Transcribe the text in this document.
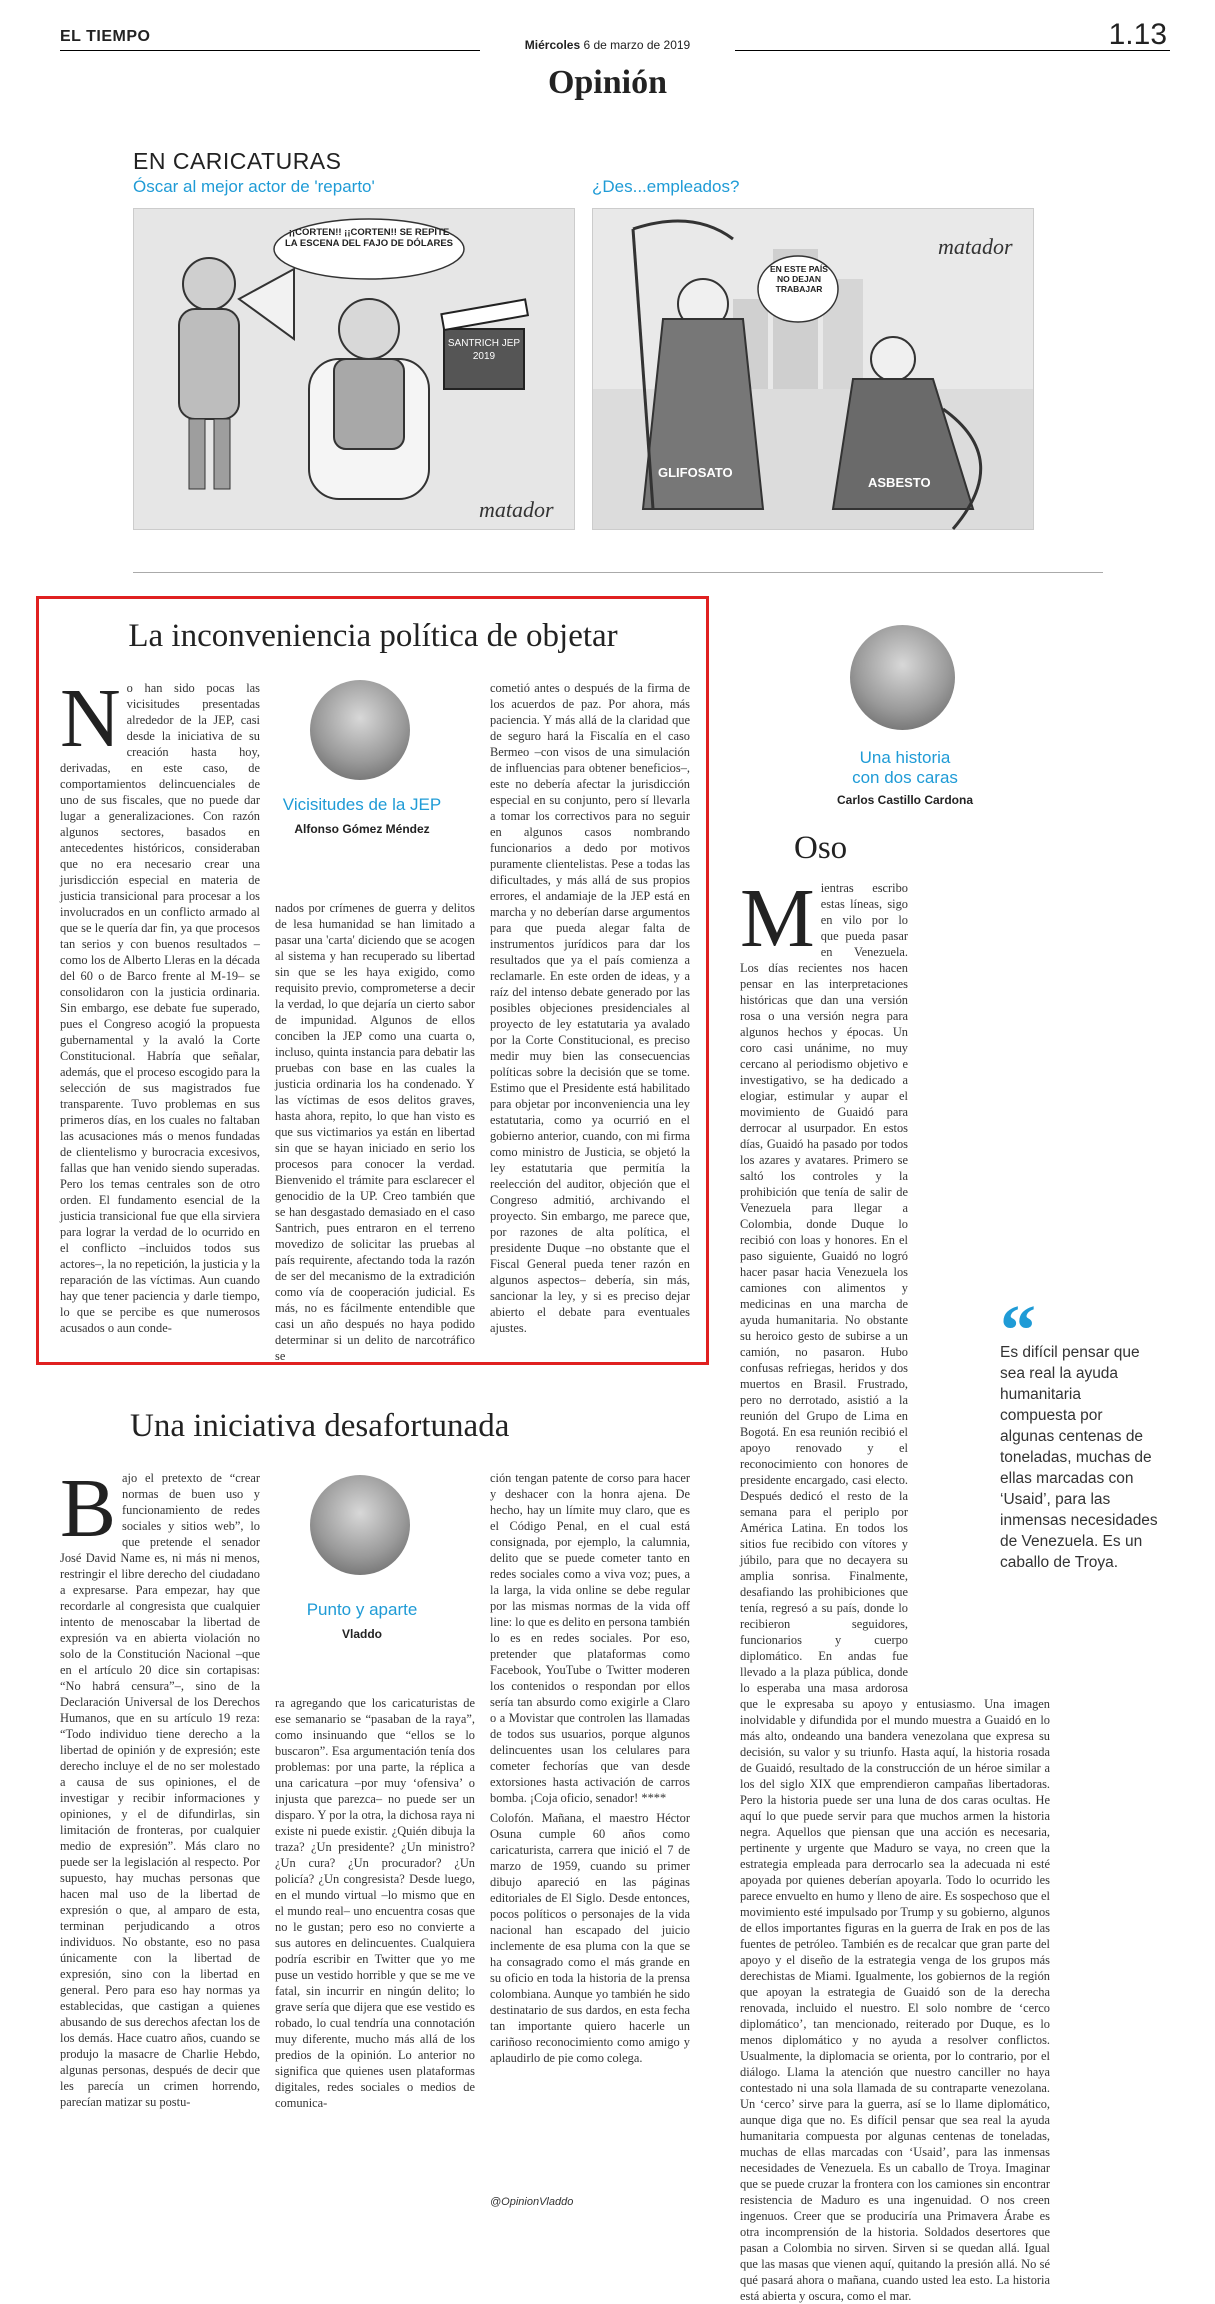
EL TIEMPO	Miércoles 6 de marzo de 2019	1.13
Opinión
EN CARICATURAS
Óscar al mejor actor de 'reparto'	¿Des...empleados?
¡¡CORTEN!! ¡¡CORTEN!! SE REPITE LA ESCENA DEL FAJO DE DÓLARES
SANTRICH JEP 2019
matador
GLIFOSATO
EN ESTE PAÍS NO DEJAN TRABAJAR
ASBESTO
matador
La inconveniencia política de objetar
No han sido pocas las vicisitudes presentadas alrededor de la JEP, casi desde la iniciativa de su creación hasta hoy, derivadas, en este caso, de comportamientos delincuenciales de uno de sus fiscales, que no puede dar lugar a generalizaciones. Con razón algunos sectores, basados en antecedentes históricos, consideraban que no era necesario crear una jurisdicción especial en materia de justicia transicional para procesar a los involucrados en un conflicto armado al que se le quería dar fin, ya que procesos tan serios y con buenos resultados –como los de Alberto Lleras en la década del 60 o de Barco frente al M-19– se consolidaron con la justicia ordinaria. Sin embargo, ese debate fue superado, pues el Congreso acogió la propuesta gubernamental y la avaló la Corte Constitucional. Habría que señalar, además, que el proceso escogido para la selección de sus magistrados fue transparente. Tuvo problemas en sus primeros días, en los cuales no faltaban las acusaciones más o menos fundadas de clientelismo y burocracia excesivos, fallas que han venido siendo superadas. Pero los temas centrales son de otro orden. El fundamento esencial de la justicia transicional fue que ella sirviera para lograr la verdad de lo ocurrido en el conflicto –incluidos todos sus actores–, la no repetición, la justicia y la reparación de las víctimas. Aun cuando hay que tener paciencia y darle tiempo, lo que se percibe es que numerosos acusados o aun conde-
Vicisitudes de la JEP
Alfonso Gómez Méndez
nados por crímenes de guerra y delitos de lesa humanidad se han limitado a pasar una 'carta' diciendo que se acogen al sistema y han recuperado su libertad sin que se les haya exigido, como requisito previo, comprometerse a decir la verdad, lo que dejaría un cierto sabor de impunidad. Algunos de ellos conciben la JEP como una cuarta o, incluso, quinta instancia para debatir las pruebas con base en las cuales la justicia ordinaria los ha condenado. Y las víctimas de esos delitos graves, hasta ahora, repito, lo que han visto es que sus victimarios ya están en libertad sin que se hayan iniciado en serio los procesos para conocer la verdad. Bienvenido el trámite para esclarecer el genocidio de la UP. Creo también que se han desgastado demasiado en el caso Santrich, pues entraron en el terreno movedizo de solicitar las pruebas al país requirente, afectando toda la razón de ser del mecanismo de la extradición como vía de cooperación judicial. Es más, no es fácilmente entendible que casi un año después no haya podido determinar si un delito de narcotráfico se
cometió antes o después de la firma de los acuerdos de paz. Por ahora, más paciencia. Y más allá de la claridad que de seguro hará la Fiscalía en el caso Bermeo –con visos de una simulación de influencias para obtener beneficios–, este no debería afectar la jurisdicción especial en su conjunto, pero sí llevarla a tomar los correctivos para no seguir en algunos casos nombrando funcionarios a dedo por motivos puramente clientelistas. Pese a todas las dificultades, y más allá de sus propios errores, el andamiaje de la JEP está en marcha y no deberían darse argumentos para que pueda alegar falta de instrumentos jurídicos para dar los resultados que ya el país comienza a reclamarle. En este orden de ideas, y a raíz del intenso debate generado por las posibles objeciones presidenciales al proyecto de ley estatutaria ya avalado por la Corte Constitucional, es preciso medir muy bien las consecuencias políticas sobre la decisión que se tome. Estimo que el Presidente está habilitado para objetar por inconveniencia una ley estatutaria, como ya ocurrió en el gobierno anterior, cuando, con mi firma como ministro de Justicia, se objetó la ley estatutaria que permitía la reelección del auditor, objeción que el Congreso admitió, archivando el proyecto. Sin embargo, me parece que, por razones de alta política, el presidente Duque –no obstante que el Fiscal General pueda tener razón en algunos aspectos– debería, sin más, sancionar la ley, y si es preciso dejar abierto el debate para eventuales ajustes.
Una iniciativa desafortunada
Bajo el pretexto de “crear normas de buen uso y funcionamiento de redes sociales y sitios web”, lo que pretende el senador José David Name es, ni más ni menos, restringir el libre derecho del ciudadano a expresarse. Para empezar, hay que recordarle al congresista que cualquier intento de menoscabar la libertad de expresión va en abierta violación no solo de la Constitución Nacional –que en el artículo 20 dice sin cortapisas: “No habrá censura”–, sino de la Declaración Universal de los Derechos Humanos, que en su artículo 19 reza: “Todo individuo tiene derecho a la libertad de opinión y de expresión; este derecho incluye el de no ser molestado a causa de sus opiniones, el de investigar y recibir informaciones y opiniones, y el de difundirlas, sin limitación de fronteras, por cualquier medio de expresión”. Más claro no puede ser la legislación al respecto. Por supuesto, hay muchas personas que hacen mal uso de la libertad de expresión o que, al amparo de esta, terminan perjudicando a otros individuos. No obstante, eso no pasa únicamente con la libertad de expresión, sino con la libertad en general. Pero para eso hay normas ya establecidas, que castigan a quienes abusando de sus derechos afectan los de los demás. Hace cuatro años, cuando se produjo la masacre de Charlie Hebdo, algunas personas, después de decir que les parecía un crimen horrendo, parecían matizar su postu-
Punto y aparte
Vladdo
ra agregando que los caricaturistas de ese semanario se “pasaban de la raya”, como insinuando que “ellos se lo buscaron”. Esa argumentación tenía dos problemas: por una parte, la réplica a una caricatura –por muy ‘ofensiva’ o injusta que parezca– no puede ser un disparo. Y por la otra, la dichosa raya ni existe ni puede existir. ¿Quién dibuja la traza? ¿Un presidente? ¿Un ministro? ¿Un cura? ¿Un procurador? ¿Un policía? ¿Un congresista? Desde luego, en el mundo virtual –lo mismo que en el mundo real– uno encuentra cosas que no le gustan; pero eso no convierte a sus autores en delincuentes. Cualquiera podría escribir en Twitter que yo me puse un vestido horrible y que se me ve fatal, sin incurrir en ningún delito; lo grave sería que dijera que ese vestido es robado, lo cual tendría una connotación muy diferente, mucho más allá de los predios de la opinión. Lo anterior no significa que quienes usen plataformas digitales, redes sociales o medios de comunica-

ción tengan patente de corso para hacer y deshacer con la honra ajena. De hecho, hay un límite muy claro, que es el Código Penal, en el cual está consignada, por ejemplo, la calumnia, delito que se puede cometer tanto en redes sociales como a viva voz; pues, a la larga, la vida online se debe regular por las mismas normas de la vida off line: lo que es delito en persona también lo es en redes sociales. Por eso, pretender que plataformas como Facebook, YouTube o Twitter moderen los contenidos o respondan por ellos sería tan absurdo como exigirle a Claro o a Movistar que controlen las llamadas de todos sus usuarios, porque algunos delincuentes usan los celulares para cometer fechorías que van desde extorsiones hasta activación de carros bomba. ¡Coja oficio, senador! ****

Colofón. Mañana, el maestro Héctor Osuna cumple 60 años como caricaturista, carrera que inició el 7 de marzo de 1959, cuando su primer dibujo apareció en las páginas editoriales de El Siglo. Desde entonces, pocos políticos o personajes de la vida nacional han escapado del juicio inclemente de esa pluma con la que se ha consagrado como el más grande en su oficio en toda la historia de la prensa colombiana. Aunque yo también he sido destinatario de sus dardos, en esta fecha tan importante quiero hacerle un cariñoso reconocimiento como amigo y aplaudirlo de pie como colega.

@OpinionVladdo
Una historia
con dos caras
Carlos Castillo Cardona
Oso
Mientras escribo estas líneas, sigo en vilo por lo que pueda pasar en Venezuela. Los días recientes nos hacen pensar en las interpretaciones históricas que dan una versión rosa o una versión negra para algunos hechos y épocas. Un coro casi unánime, no muy cercano al periodismo objetivo e investigativo, se ha dedicado a elogiar, estimular y aupar el movimiento de Guaidó para derrocar al usurpador. En estos días, Guaidó ha pasado por todos los azares y avatares. Primero se saltó los controles y la prohibición que tenía de salir de Venezuela para llegar a Colombia, donde Duque lo recibió con loas y honores. En el paso siguiente, Guaidó no logró hacer pasar hacia Venezuela los camiones con alimentos y medicinas en una marcha de ayuda humanitaria. No obstante su heroico gesto de subirse a un camión, no pasaron. Hubo confusas refriegas, heridos y dos muertos en Brasil. Frustrado, pero no derrotado, asistió a la reunión del Grupo de Lima en Bogotá. En esa reunión recibió el apoyo renovado y el reconocimiento con honores de presidente encargado, casi electo. Después dedicó el resto de la semana para el periplo por América Latina. En todos los sitios fue recibido con vítores y júbilo, para que no decayera su amplia sonrisa. Finalmente, desafiando las prohibiciones que tenía, regresó a su país, donde lo recibieron seguidores, funcionarios y cuerpo diplomático. En andas fue llevado a la plaza pública, donde lo esperaba una masa ardorosa que le expresaba su apoyo y entusiasmo. Una imagen inolvidable y difundida por el mundo muestra a Guaidó en lo más alto, ondeando una bandera venezolana que expresa su decisión, su valor y su triunfo. Hasta aquí, la historia rosada de Guaidó, resultado de la construcción de un héroe similar a los del siglo XIX que emprendieron campañas libertadoras. Pero la historia puede ser una luna de dos caras ocultas. He aquí lo que puede servir para que muchos armen la historia negra. Aquellos que piensan que una acción es necesaria, pertinente y urgente que Maduro se vaya, no creen que la estrategia empleada para derrocarlo sea la adecuada ni esté apoyada por quienes deberían apoyarla. Todo lo ocurrido les parece envuelto en humo y lleno de aire. Es sospechoso que el movimiento esté impulsado por Trump y su gobierno, algunos de ellos importantes figuras en la guerra de Irak en pos de las fuentes de petróleo. También es de recalcar que gran parte del apoyo y el diseño de la estrategia venga de los grupos más derechistas de Miami. Igualmente, los gobiernos de la región que apoyan la estrategia de Guaidó son de la derecha renovada, incluido el nuestro. El solo nombre de ‘cerco diplomático’, tan mencionado, reiterado por Duque, es lo menos diplomático y no ayuda a resolver conflictos. Usualmente, la diplomacia se orienta, por lo contrario, por el diálogo. Llama la atención que nuestro canciller no haya contestado ni una sola llamada de su contraparte venezolana. Un ‘cerco’ sirve para la guerra, así se lo llame diplomático, aunque diga que no. Es difícil pensar que sea real la ayuda humanitaria compuesta por algunas centenas de toneladas, muchas de ellas marcadas con ‘Usaid’, para las inmensas necesidades de Venezuela. Es un caballo de Troya. Imaginar que se puede cruzar la frontera con los camiones sin encontrar resistencia de Maduro es una ingenuidad. O nos creen ingenuos. Creer que se produciría una Primavera Árabe es otra incomprensión de la historia. Soldados desertores que pasan a Colombia no sirven. Sirven si se quedan allá. Igual que las masas que vienen aquí, quitando la presión allá. No sé qué pasará ahora o mañana, cuando usted lea esto. La historia está abierta y oscura, como el mar.
“
Es difícil pensar que sea real la ayuda humanitaria compuesta por algunas centenas de toneladas, muchas de ellas marcadas con ‘Usaid’, para las inmensas necesidades de Venezuela. Es un caballo de Troya.
